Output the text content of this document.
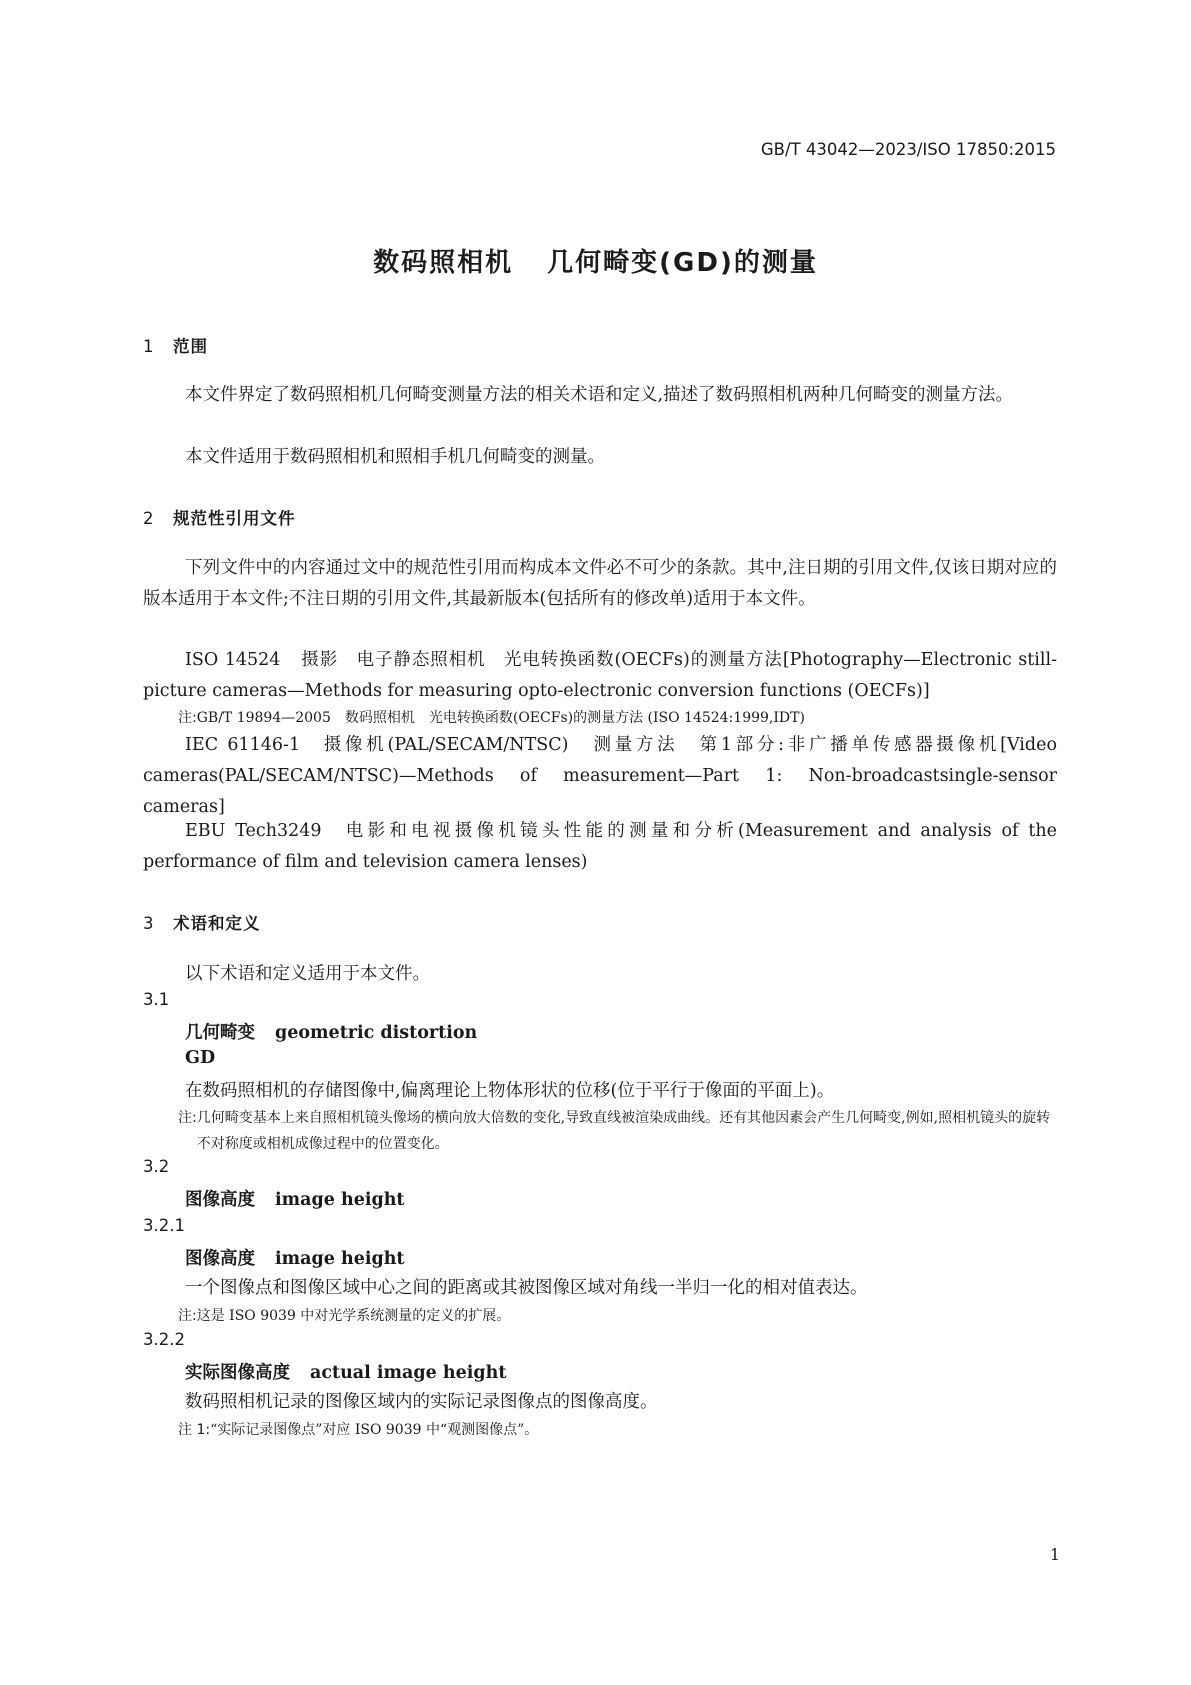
GB/T 43042—2023/ISO 17850:2015
数码照相机 几何畸变(GD)的测量
1 范围
本文件界定了数码照相机几何畸变测量方法的相关术语和定义,描述了数码照相机两种几何畸变的测量方法。
本文件适用于数码照相机和照相手机几何畸变的测量。
2 规范性引用文件
下列文件中的内容通过文中的规范性引用而构成本文件必不可少的条款。其中,注日期的引用文件,仅该日期对应的版本适用于本文件;不注日期的引用文件,其最新版本(包括所有的修改单)适用于本文件。
ISO 14524 摄影　电子静态照相机　光电转换函数(OECFs)的测量方法[Photography—Electronic still-picture cameras—Methods for measuring opto-electronic conversion functions (OECFs)]
注:GB/T 19894—2005　数码照相机　光电转换函数(OECFs)的测量方法 (ISO 14524:1999,IDT)
IEC 61146-1 摄像机(PAL/SECAM/NTSC)　测量方法　第1部分:非广播单传感器摄像机[Video cameras(PAL/SECAM/NTSC)—Methods of measurement—Part 1: Non-broadcastsingle-sensor cameras]
EBU Tech3249 电影和电视摄像机镜头性能的测量和分析(Measurement and analysis of the performance of film and television camera lenses)
3 术语和定义
以下术语和定义适用于本文件。
3.1
几何畸变 geometric distortion
GD
在数码照相机的存储图像中,偏离理论上物体形状的位移(位于平行于像面的平面上)。
注: 几何畸变基本上来自照相机镜头像场的横向放大倍数的变化,导致直线被渲染成曲线。还有其他因素会产生几何畸变,例如,照相机镜头的旋转不对称度或相机成像过程中的位置变化。
3.2
图像高度 image height
3.2.1
图像高度 image height
一个图像点和图像区域中心之间的距离或其被图像区域对角线一半归一化的相对值表达。
注:这是 ISO 9039 中对光学系统测量的定义的扩展。
3.2.2
实际图像高度 actual image height
数码照相机记录的图像区域内的实际记录图像点的图像高度。
注 1:“实际记录图像点”对应 ISO 9039 中“观测图像点”。
1
